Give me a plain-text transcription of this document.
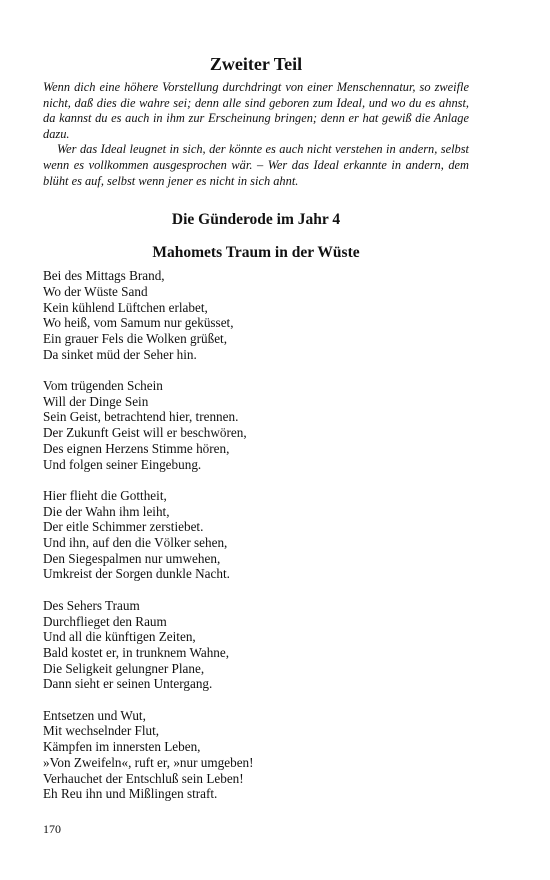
Zweiter Teil

Wenn dich eine höhere Vorstellung durchdringt von einer Menschennatur, so zweifle nicht, daß dies die wahre sei; denn alle sind geboren zum Ideal, und wo du es ahnst, da kannst du es auch in ihm zur Erscheinung bringen; denn er hat gewiß die Anlage dazu.

Wer das Ideal leugnet in sich, der könnte es auch nicht verstehen in andern, selbst wenn es vollkommen ausgesprochen wär. – Wer das Ideal erkannte in andern, dem blüht es auf, selbst wenn jener es nicht in sich ahnt.

Die Günderode im Jahr 4
Mahomets Traum in der Wüste
Bei des Mittags Brand,
Wo der Wüste Sand
Kein kühlend Lüftchen erlabet,
Wo heiß, vom Samum nur geküsset,
Ein grauer Fels die Wolken grüßet,
Da sinket müd der Seher hin.
Vom trügenden Schein
Will der Dinge Sein
Sein Geist, betrachtend hier, trennen.
Der Zukunft Geist will er beschwören,
Des eignen Herzens Stimme hören,
Und folgen seiner Eingebung.
Hier flieht die Gottheit,
Die der Wahn ihm leiht,
Der eitle Schimmer zerstiebet.
Und ihn, auf den die Völker sehen,
Den Siegespalmen nur umwehen,
Umkreist der Sorgen dunkle Nacht.
Des Sehers Traum
Durchflieget den Raum
Und all die künftigen Zeiten,
Bald kostet er, in trunknem Wahne,
Die Seligkeit gelungner Plane,
Dann sieht er seinen Untergang.
Entsetzen und Wut,
Mit wechselnder Flut,
Kämpfen im innersten Leben,
»Von Zweifeln«, ruft er, »nur umgeben!
Verhauchet der Entschluß sein Leben!
Eh Reu ihn und Mißlingen straft.
170
